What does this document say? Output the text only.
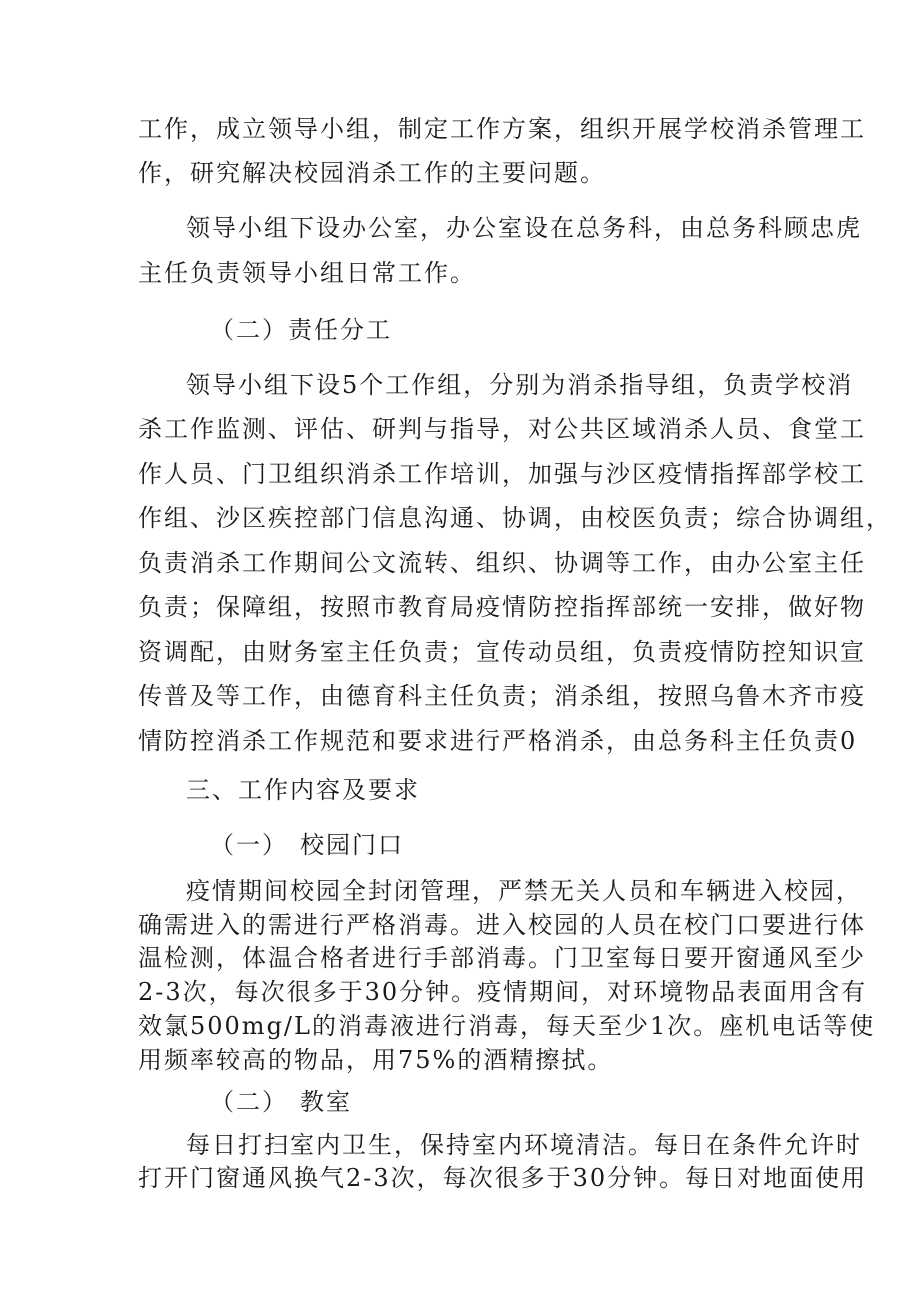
工作，成立领导小组，制定工作方案，组织开展学校消杀管理工
作，研究解决校园消杀工作的主要问题。
领导小组下设办公室，办公室设在总务科，由总务科顾忠虎
主任负责领导小组日常工作。
（二）责任分工
领导小组下设5个工作组，分别为消杀指导组，负责学校消
杀工作监测、评估、研判与指导，对公共区域消杀人员、食堂工
作人员、门卫组织消杀工作培训，加强与沙区疫情指挥部学校工
作组、沙区疾控部门信息沟通、协调，由校医负责；综合协调组，
负责消杀工作期间公文流转、组织、协调等工作，由办公室主任
负责；保障组，按照市教育局疫情防控指挥部统一安排，做好物
资调配，由财务室主任负责；宣传动员组，负责疫情防控知识宣
传普及等工作，由德育科主任负责；消杀组，按照乌鲁木齐市疫
情防控消杀工作规范和要求进行严格消杀，由总务科主任负责0
三、工作内容及要求
（一） 校园门口
疫情期间校园全封闭管理，严禁无关人员和车辆进入校园，
确需进入的需进行严格消毒。进入校园的人员在校门口要进行体
温检测，体温合格者进行手部消毒。门卫室每日要开窗通风至少
2-3次，每次很多于30分钟。疫情期间，对环境物品表面用含有
效氯500mg/L的消毒液进行消毒，每天至少1次。座机电话等使
用频率较高的物品，用75%的酒精擦拭。
（二） 教室
每日打扫室内卫生，保持室内环境清洁。每日在条件允许时
打开门窗通风换气2-3次，每次很多于30分钟。每日对地面使用
